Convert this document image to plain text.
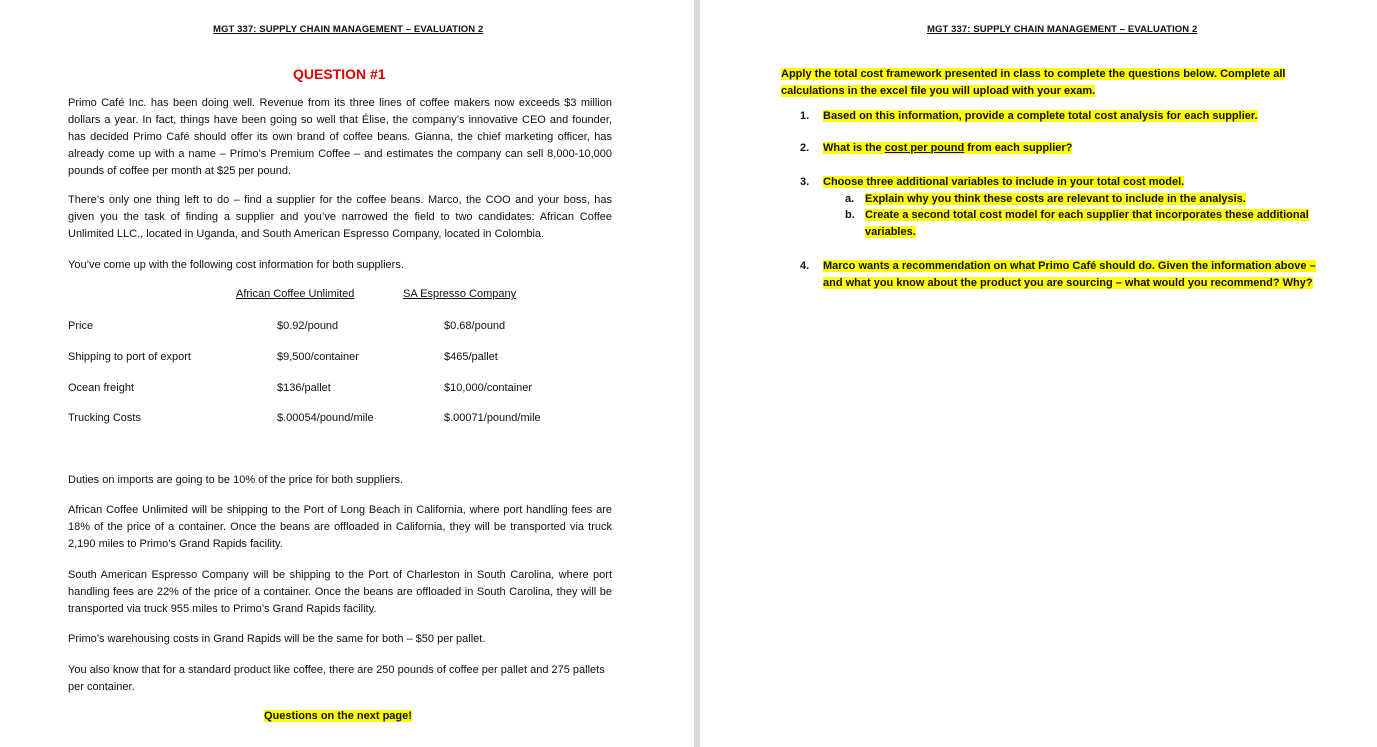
MGT 337: SUPPLY CHAIN MANAGEMENT – EVALUATION 2
QUESTION #1
Primo Café Inc. has been doing well. Revenue from its three lines of coffee makers now exceeds $3 million dollars a year. In fact, things have been going so well that Élise, the company’s innovative CEO and founder, has decided Primo Café should offer its own brand of coffee beans. Gianna, the chief marketing officer, has already come up with a name – Primo’s Premium Coffee – and estimates the company can sell 8,000-10,000 pounds of coffee per month at $25 per pound.
There’s only one thing left to do – find a supplier for the coffee beans. Marco, the COO and your boss, has given you the task of finding a supplier and you’ve narrowed the field to two candidates: African Coffee Unlimited LLC., located in Uganda, and South American Espresso Company, located in Colombia.
You’ve come up with the following cost information for both suppliers.
African Coffee Unlimited	SA Espresso Company
Price	$0.92/pound	$0.68/pound
Shipping to port of export	$9,500/container	$465/pallet
Ocean freight	$136/pallet	$10,000/container
Trucking Costs	$.00054/pound/mile	$.00071/pound/mile
Duties on imports are going to be 10% of the price for both suppliers.
African Coffee Unlimited will be shipping to the Port of Long Beach in California, where port handling fees are 18% of the price of a container. Once the beans are offloaded in California, they will be transported via truck 2,190 miles to Primo’s Grand Rapids facility.
South American Espresso Company will be shipping to the Port of Charleston in South Carolina, where port handling fees are 22% of the price of a container. Once the beans are offloaded in South Carolina, they will be transported via truck 955 miles to Primo’s Grand Rapids facility.
Primo’s warehousing costs in Grand Rapids will be the same for both – $50 per pallet.
You also know that for a standard product like coffee, there are 250 pounds of coffee per pallet and 275 pallets per container.
Questions on the next page!
MGT 337: SUPPLY CHAIN MANAGEMENT – EVALUATION 2
Apply the total cost framework presented in class to complete the questions below. Complete all
calculations in the excel file you will upload with your exam.
1. Based on this information, provide a complete total cost analysis for each supplier.
2. What is the cost per pound from each supplier?
3. Choose three additional variables to include in your total cost model.
a. Explain why you think these costs are relevant to include in the analysis.
b. Create a second total cost model for each supplier that incorporates these additional
variables.
4. Marco wants a recommendation on what Primo Café should do. Given the information above –
and what you know about the product you are sourcing – what would you recommend? Why?
